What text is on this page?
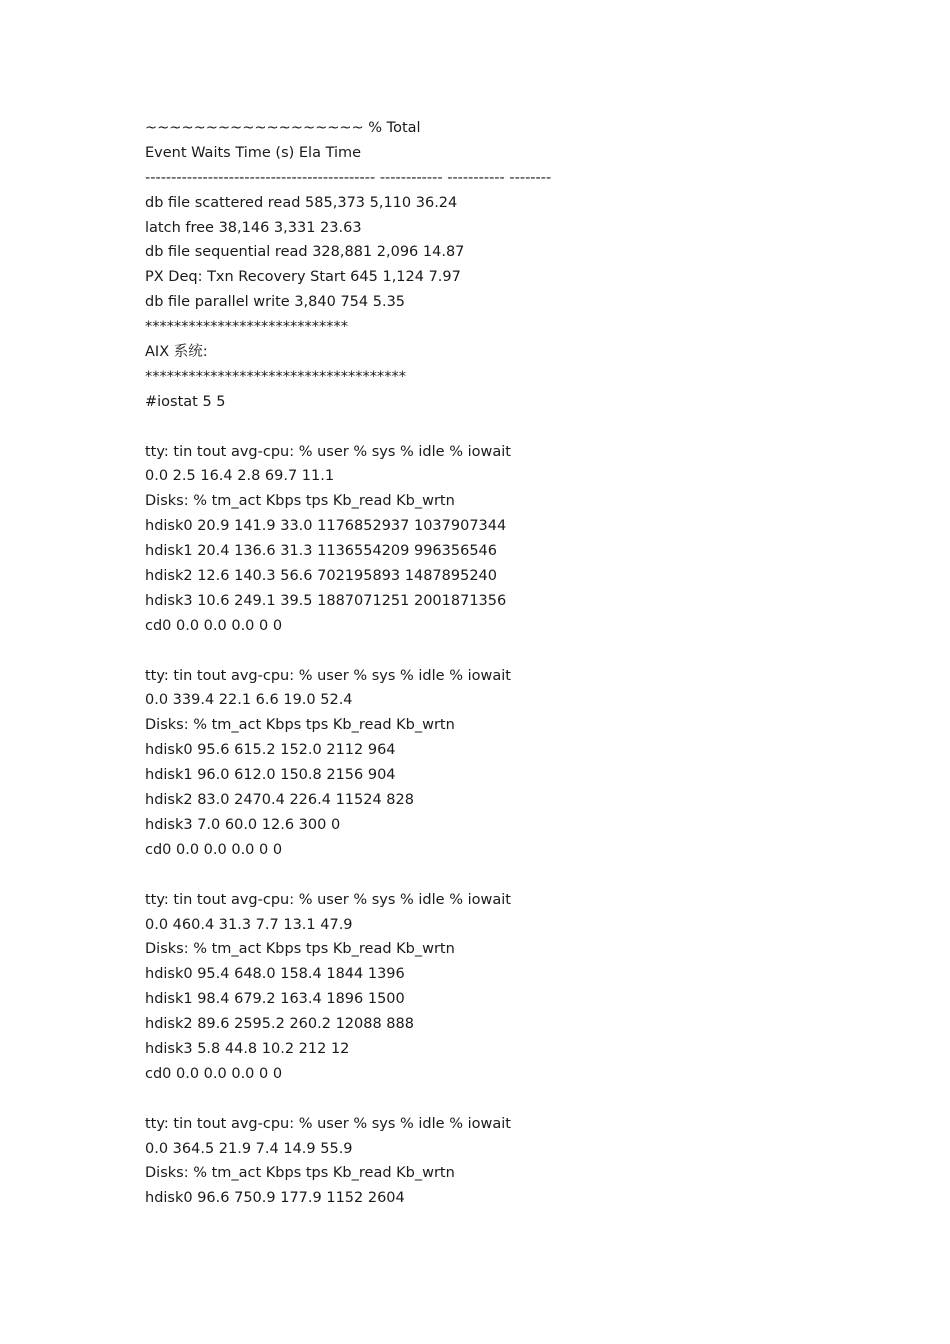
~~~~~~~~~~~~~~~~~~ % Total
Event Waits Time (s) Ela Time
-------------------------------------------- ------------ ----------- --------
db file scattered read 585,373 5,110 36.24
latch free 38,146 3,331 23.63
db file sequential read 328,881 2,096 14.87
PX Deq: Txn Recovery Start 645 1,124 7.97
db file parallel write 3,840 754 5.35
****************************
AIX 系统:
************************************
#iostat 5 5
tty: tin tout avg-cpu: % user % sys % idle % iowait
0.0 2.5 16.4 2.8 69.7 11.1
Disks: % tm_act Kbps tps Kb_read Kb_wrtn
hdisk0 20.9 141.9 33.0 1176852937 1037907344
hdisk1 20.4 136.6 31.3 1136554209 996356546
hdisk2 12.6 140.3 56.6 702195893 1487895240
hdisk3 10.6 249.1 39.5 1887071251 2001871356
cd0 0.0 0.0 0.0 0 0
tty: tin tout avg-cpu: % user % sys % idle % iowait
0.0 339.4 22.1 6.6 19.0 52.4
Disks: % tm_act Kbps tps Kb_read Kb_wrtn
hdisk0 95.6 615.2 152.0 2112 964
hdisk1 96.0 612.0 150.8 2156 904
hdisk2 83.0 2470.4 226.4 11524 828
hdisk3 7.0 60.0 12.6 300 0
cd0 0.0 0.0 0.0 0 0
tty: tin tout avg-cpu: % user % sys % idle % iowait
0.0 460.4 31.3 7.7 13.1 47.9
Disks: % tm_act Kbps tps Kb_read Kb_wrtn
hdisk0 95.4 648.0 158.4 1844 1396
hdisk1 98.4 679.2 163.4 1896 1500
hdisk2 89.6 2595.2 260.2 12088 888
hdisk3 5.8 44.8 10.2 212 12
cd0 0.0 0.0 0.0 0 0
tty: tin tout avg-cpu: % user % sys % idle % iowait
0.0 364.5 21.9 7.4 14.9 55.9
Disks: % tm_act Kbps tps Kb_read Kb_wrtn
hdisk0 96.6 750.9 177.9 1152 2604
